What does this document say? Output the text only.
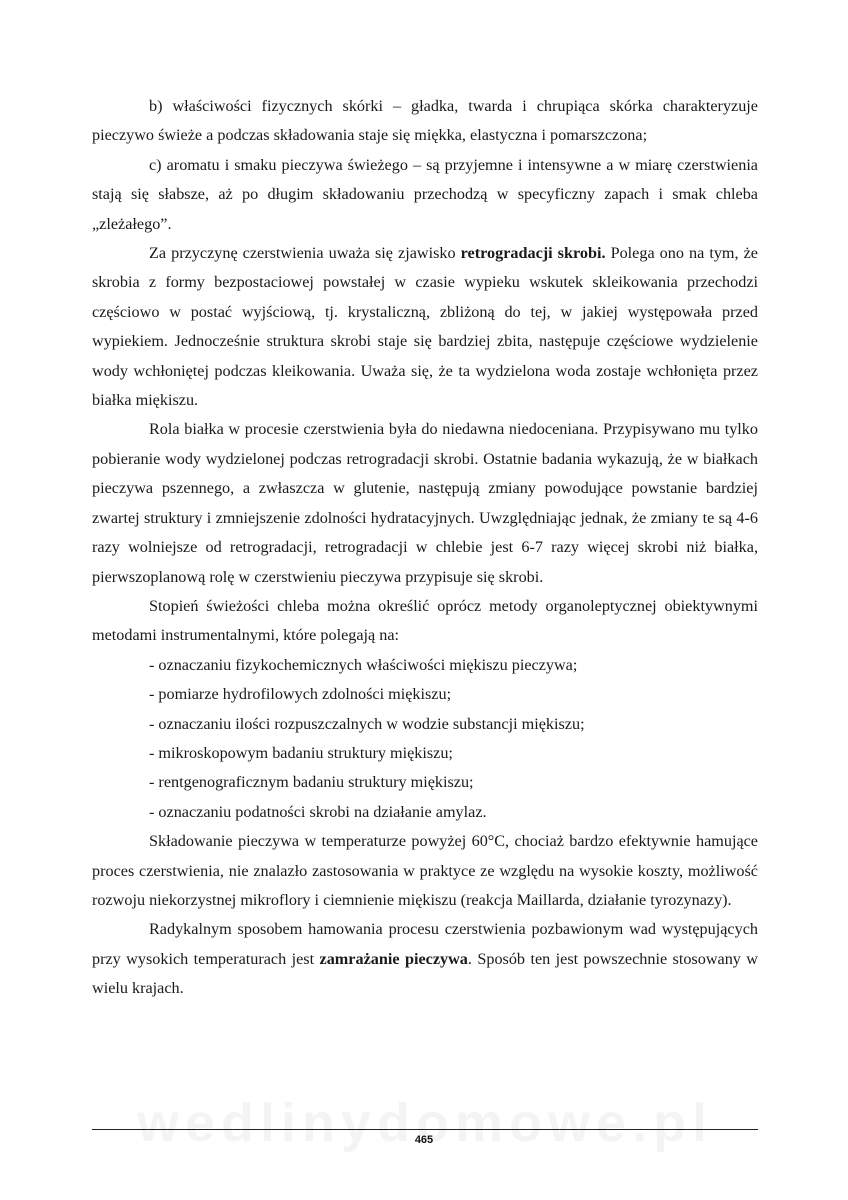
b) właściwości fizycznych skórki – gładka, twarda i chrupiąca skórka charakteryzuje pieczywo świeże a podczas składowania staje się miękka, elastyczna i pomarszczona;

c) aromatu i smaku pieczywa świeżego – są przyjemne i intensywne a w miarę czerstwienia stają się słabsze, aż po długim składowaniu przechodzą w specyficzny zapach i smak chleba „zleżałego”.

Za przyczynę czerstwienia uważa się zjawisko retrogradacji skrobi. Polega ono na tym, że skrobia z formy bezpostaciowej powstałej w czasie wypieku wskutek skleikowania przechodzi częściowo w postać wyjściową, tj. krystaliczną, zbliżoną do tej, w jakiej występowała przed wypiekiem. Jednocześnie struktura skrobi staje się bardziej zbita, następuje częściowe wydzielenie wody wchłoniętej podczas kleikowania. Uważa się, że ta wydzielona woda zostaje wchłonięta przez białka miękiszu.

Rola białka w procesie czerstwienia była do niedawna niedoceniana. Przypisywano mu tylko pobieranie wody wydzielonej podczas retrogradacji skrobi. Ostatnie badania wykazują, że w białkach pieczywa pszennego, a zwłaszcza w glutenie, następują zmiany powodujące powstanie bardziej zwartej struktury i zmniejszenie zdolności hydratacyjnych. Uwzględniając jednak, że zmiany te są 4-6 razy wolniejsze od retrogradacji, retrogradacji w chlebie jest 6-7 razy więcej skrobi niż białka, pierwszoplanową rolę w czerstwieniu pieczywa przypisuje się skrobi.

Stopień świeżości chleba można określić oprócz metody organoleptycznej obiektywnymi metodami instrumentalnymi, które polegają na:

- oznaczaniu fizykochemicznych właściwości miękiszu pieczywa;
- pomiarze hydrofilowych zdolności miękiszu;
- oznaczaniu ilości rozpuszczalnych w wodzie substancji miękiszu;
- mikroskopowym badaniu struktury miękiszu;
- rentgenograficznym badaniu struktury miękiszu;
- oznaczaniu podatności skrobi na działanie amylaz.

Składowanie pieczywa w temperaturze powyżej 60°C, chociaż bardzo efektywnie hamujące proces czerstwienia, nie znalazło zastosowania w praktyce ze względu na wysokie koszty, możliwość rozwoju niekorzystnej mikroflory i ciemnienie miękiszu (reakcja Maillarda, działanie tyrozynazy).

Radykalnym sposobem hamowania procesu czerstwienia pozbawionym wad występujących przy wysokich temperaturach jest zamrażanie pieczywa. Sposób ten jest powszechnie stosowany w wielu krajach.

465
